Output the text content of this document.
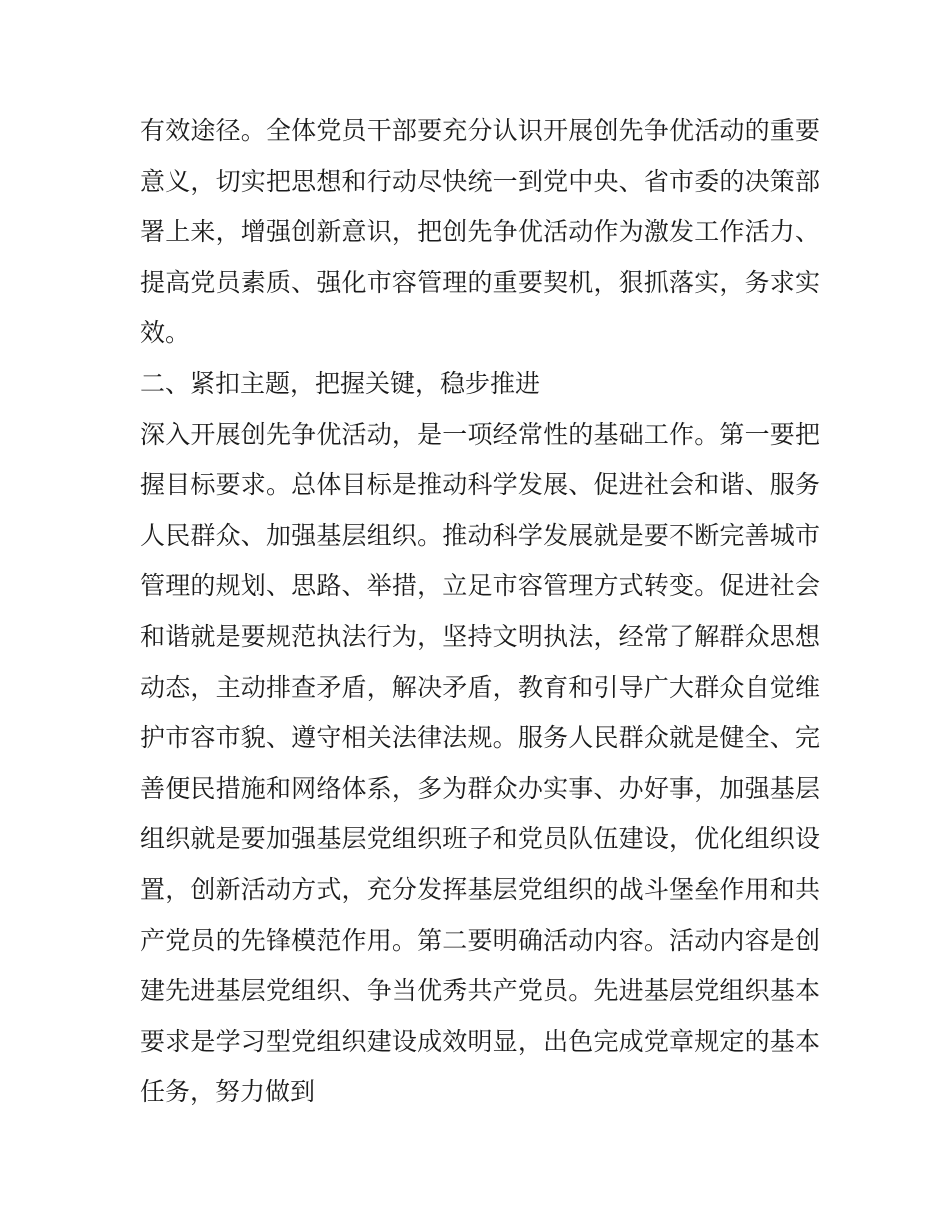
有效途径。全体党员干部要充分认识开展创先争优活动的重要意义，切实把思想和行动尽快统一到党中央、省市委的决策部署上来，增强创新意识，把创先争优活动作为激发工作活力、提高党员素质、强化市容管理的重要契机，狠抓落实，务求实效。

二、紧扣主题，把握关键，稳步推进

深入开展创先争优活动，是一项经常性的基础工作。第一要把握目标要求。总体目标是推动科学发展、促进社会和谐、服务人民群众、加强基层组织。推动科学发展就是要不断完善城市管理的规划、思路、举措，立足市容管理方式转变。促进社会和谐就是要规范执法行为，坚持文明执法，经常了解群众思想动态，主动排查矛盾，解决矛盾，教育和引导广大群众自觉维护市容市貌、遵守相关法律法规。服务人民群众就是健全、完善便民措施和网络体系，多为群众办实事、办好事，加强基层组织就是要加强基层党组织班子和党员队伍建设，优化组织设置，创新活动方式，充分发挥基层党组织的战斗堡垒作用和共产党员的先锋模范作用。第二要明确活动内容。活动内容是创建先进基层党组织、争当优秀共产党员。先进基层党组织基本要求是学习型党组织建设成效明显，出色完成党章规定的基本任务，努力做到
